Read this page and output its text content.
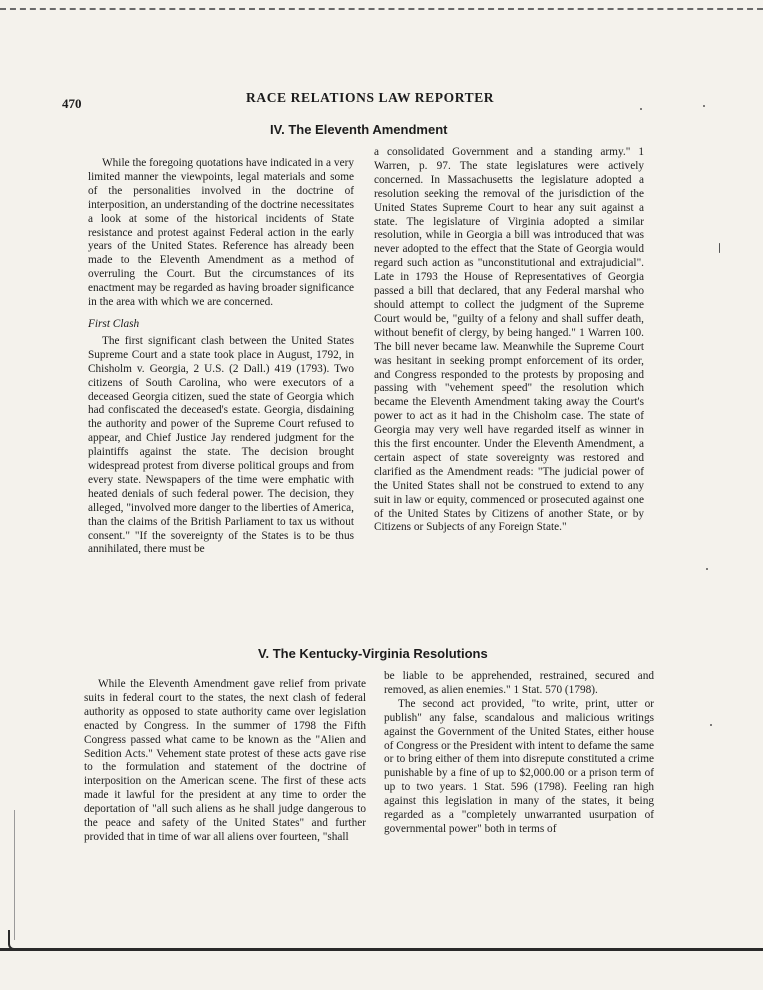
470	RACE RELATIONS LAW REPORTER
IV. The Eleventh Amendment

While the foregoing quotations have indicated in a very limited manner the viewpoints, legal materials and some of the personalities involved in the doctrine of interposition, an understanding of the doctrine necessitates a look at some of the historical incidents of State resistance and protest against Federal action in the early years of the United States. Reference has already been made to the Eleventh Amendment as a method of overruling the Court. But the circumstances of its enactment may be regarded as having broader significance in the area with which we are concerned.

First Clash

The first significant clash between the United States Supreme Court and a state took place in August, 1792, in Chisholm v. Georgia, 2 U.S. (2 Dall.) 419 (1793). Two citizens of South Carolina, who were executors of a deceased Georgia citizen, sued the state of Georgia which had confiscated the deceased's estate. Georgia, disdaining the authority and power of the Supreme Court refused to appear, and Chief Justice Jay rendered judgment for the plaintiffs against the state. The decision brought widespread protest from diverse political groups and from every state. Newspapers of the time were emphatic with heated denials of such federal power. The decision, they alleged, "involved more danger to the liberties of America, than the claims of the British Parliament to tax us without consent." "If the sovereignty of the States is to be thus annihilated, there must be

a consolidated Government and a standing army." 1 Warren, p. 97. The state legislatures were actively concerned. In Massachusetts the legislature adopted a resolution seeking the removal of the jurisdiction of the United States Supreme Court to hear any suit against a state. The legislature of Virginia adopted a similar resolution, while in Georgia a bill was introduced that was never adopted to the effect that the State of Georgia would regard such action as "unconstitutional and extrajudicial". Late in 1793 the House of Representatives of Georgia passed a bill that declared, that any Federal marshal who should attempt to collect the judgment of the Supreme Court would be, "guilty of a felony and shall suffer death, without benefit of clergy, by being hanged." 1 Warren 100. The bill never became law. Meanwhile the Supreme Court was hesitant in seeking prompt enforcement of its order, and Congress responded to the protests by proposing and passing with "vehement speed" the resolution which became the Eleventh Amendment taking away the Court's power to act as it had in the Chisholm case. The state of Georgia may very well have regarded itself as winner in this the first encounter. Under the Eleventh Amendment, a certain aspect of state sovereignty was restored and clarified as the Amendment reads: "The judicial power of the United States shall not be construed to extend to any suit in law or equity, commenced or prosecuted against one of the United States by Citizens of another State, or by Citizens or Subjects of any Foreign State."

V. The Kentucky-Virginia Resolutions

While the Eleventh Amendment gave relief from private suits in federal court to the states, the next clash of federal authority as opposed to state authority came over legislation enacted by Congress. In the summer of 1798 the Fifth Congress passed what came to be known as the "Alien and Sedition Acts." Vehement state protest of these acts gave rise to the formulation and statement of the doctrine of interposition on the American scene. The first of these acts made it lawful for the president at any time to order the deportation of "all such aliens as he shall judge dangerous to the peace and safety of the United States" and further provided that in time of war all aliens over fourteen, "shall

be liable to be apprehended, restrained, secured and removed, as alien enemies." 1 Stat. 570 (1798).

The second act provided, "to write, print, utter or publish" any false, scandalous and malicious writings against the Government of the United States, either house of Congress or the President with intent to defame the same or to bring either of them into disrepute constituted a crime punishable by a fine of up to $2,000.00 or a prison term of up to two years. 1 Stat. 596 (1798). Feeling ran high against this legislation in many of the states, it being regarded as a "completely unwarranted usurpation of governmental power" both in terms of
